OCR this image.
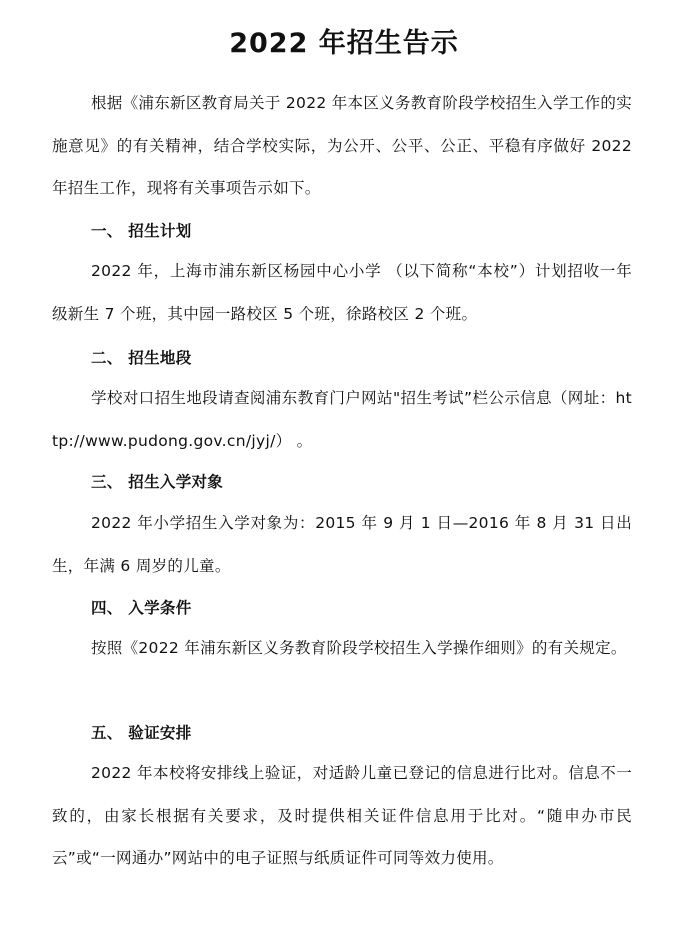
2022 年招生告示

根据《浦东新区教育局关于 2022 年本区义务教育阶段学校招生入学工作的实施意见》的有关精神，结合学校实际，为公开、公平、公正、平稳有序做好 2022 年招生工作，现将有关事项告示如下。

一、 招生计划

2022 年，上海市浦东新区杨园中心小学 （以下简称“本校”）计划招收一年级新生 7 个班，其中园一路校区 5 个班，徐路校区 2 个班。

二、 招生地段

学校对口招生地段请查阅浦东教育门户网站"招生考试”栏公示信息（网址：http://www.pudong.gov.cn/jyj/） 。

三、 招生入学对象

2022 年小学招生入学对象为：2015 年 9 月 1 日—2016 年 8 月 31 日出生，年满 6 周岁的儿童。

四、 入学条件

按照《2022 年浦东新区义务教育阶段学校招生入学操作细则》的有关规定。

五、 验证安排

2022 年本校将安排线上验证，对适龄儿童已登记的信息进行比对。信息不一致的，由家长根据有关要求，及时提供相关证件信息用于比对。“随申办市民云”或“一网通办”网站中的电子证照与纸质证件可同等效力使用。
